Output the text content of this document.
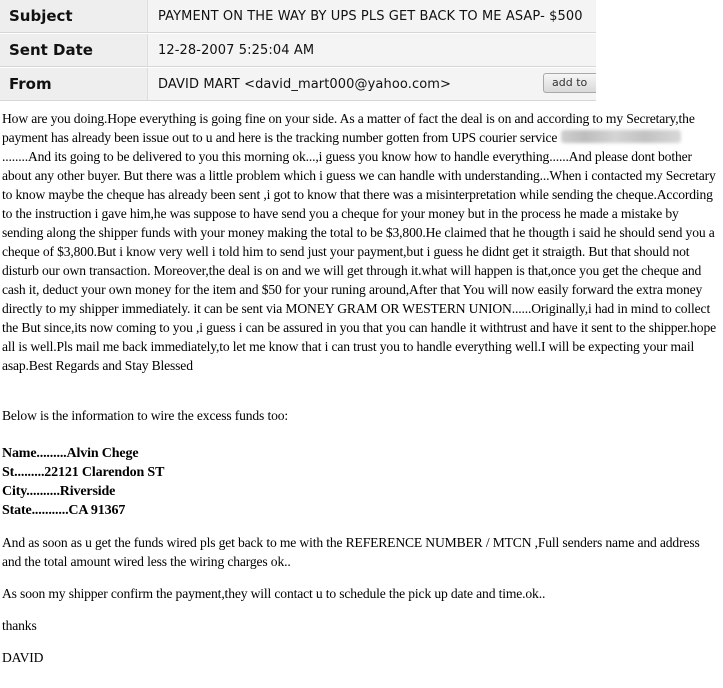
Subject	PAYMENT ON THE WAY BY UPS PLS GET BACK TO ME ASAP- $500
Sent Date	12-28-2007 5:25:04 AM
From	DAVID MART <david_mart000@yahoo.com>	add to

How are you doing.Hope everything is going fine on your side. As a matter of fact the deal is on and according to my Secretary,the payment has already been issue out to u and here is the tracking number gotten from UPS courier service ........And its going to be delivered to you this morning ok...,i guess you know how to handle everything......And please dont bother about any other buyer. But there was a little problem which i guess we can handle with understanding...When i contacted my Secretary to know maybe the cheque has already been sent ,i got to know that there was a misinterpretation while sending the cheque.According to the instruction i gave him,he was suppose to have send you a cheque for your money but in the process he made a mistake by sending along the shipper funds with your money making the total to be $3,800.He claimed that he thougth i said he should send you a cheque of $3,800.But i know very well i told him to send just your payment,but i guess he didnt get it straigth. But that should not disturb our own transaction. Moreover,the deal is on and we will get through it.what will happen is that,once you get the cheque and cash it, deduct your own money for the item and $50 for your runing around,After that You will now easily forward the extra money directly to my shipper immediately. it can be sent via MONEY GRAM OR WESTERN UNION......Originally,i had in mind to collect the But since,its now coming to you ,i guess i can be assured in you that you can handle it withtrust and have it sent to the shipper.hope all is well.Pls mail me back immediately,to let me know that i can trust you to handle everything well.I will be expecting your mail asap.Best Regards and Stay Blessed

Below is the information to wire the excess funds too:

Name.........Alvin Chege

St.........22121 Clarendon ST

City..........Riverside

State...........CA 91367

And as soon as u get the funds wired pls get back to me with the REFERENCE NUMBER / MTCN ,Full senders name and address and the total amount wired less the wiring charges ok..

As soon my shipper confirm the payment,they will contact u to schedule the pick up date and time.ok..

thanks

DAVID
